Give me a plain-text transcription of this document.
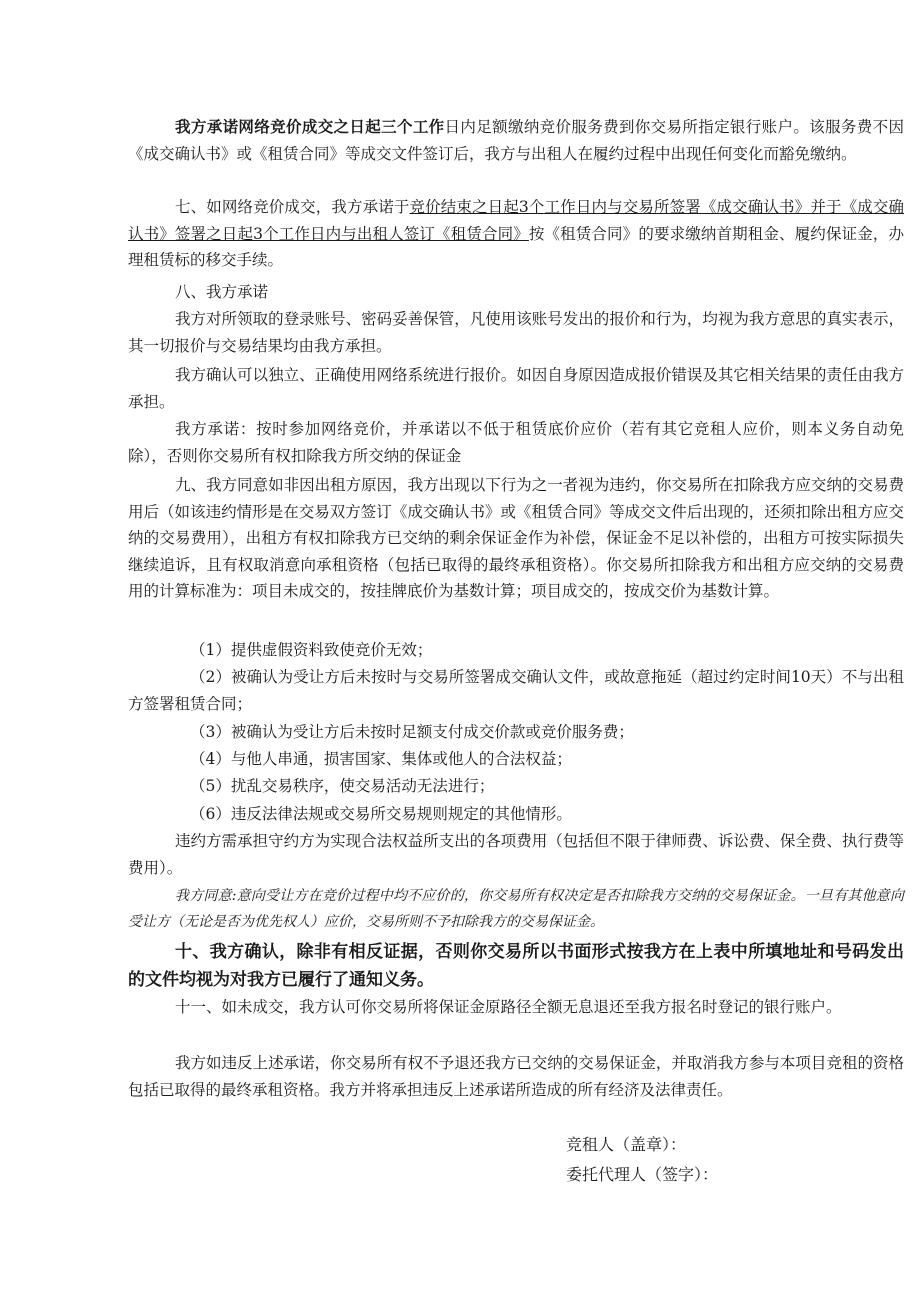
我方承诺网络竞价成交之日起三个工作日内足额缴纳竞价服务费到你交易所指定银行账户。该服务费不因《成交确认书》或《租赁合同》等成交文件签订后，我方与出租人在履约过程中出现任何变化而豁免缴纳。

七、如网络竞价成交，我方承诺于竞价结束之日起3个工作日内与交易所签署《成交确认书》并于《成交确认书》签署之日起3个工作日内与出租人签订《租赁合同》按《租赁合同》的要求缴纳首期租金、履约保证金，办理租赁标的移交手续。

八、我方承诺

我方对所领取的登录账号、密码妥善保管，凡使用该账号发出的报价和行为，均视为我方意思的真实表示，其一切报价与交易结果均由我方承担。

我方确认可以独立、正确使用网络系统进行报价。如因自身原因造成报价错误及其它相关结果的责任由我方承担。

我方承诺：按时参加网络竞价，并承诺以不低于租赁底价应价（若有其它竞租人应价，则本义务自动免除），否则你交易所有权扣除我方所交纳的保证金

九、我方同意如非因出租方原因，我方出现以下行为之一者视为违约，你交易所在扣除我方应交纳的交易费用后（如该违约情形是在交易双方签订《成交确认书》或《租赁合同》等成交文件后出现的，还须扣除出租方应交纳的交易费用），出租方有权扣除我方已交纳的剩余保证金作为补偿，保证金不足以补偿的，出租方可按实际损失继续追诉，且有权取消意向承租资格（包括已取得的最终承租资格）。你交易所扣除我方和出租方应交纳的交易费用的计算标准为：项目未成交的，按挂牌底价为基数计算；项目成交的，按成交价为基数计算。

（1）提供虚假资料致使竞价无效；

（2）被确认为受让方后未按时与交易所签署成交确认文件，或故意拖延（超过约定时间10天）不与出租方签署租赁合同；

（3）被确认为受让方后未按时足额支付成交价款或竞价服务费；

（4）与他人串通，损害国家、集体或他人的合法权益；

（5）扰乱交易秩序，使交易活动无法进行；

（6）违反法律法规或交易所交易规则规定的其他情形。

违约方需承担守约方为实现合法权益所支出的各项费用（包括但不限于律师费、诉讼费、保全费、执行费等费用）。

我方同意:意向受让方在竞价过程中均不应价的，你交易所有权决定是否扣除我方交纳的交易保证金。一旦有其他意向受让方（无论是否为优先权人）应价，交易所则不予扣除我方的交易保证金。

十、我方确认，除非有相反证据，否则你交易所以书面形式按我方在上表中所填地址和号码发出的文件均视为对我方已履行了通知义务。

十一、如未成交，我方认可你交易所将保证金原路径全额无息退还至我方报名时登记的银行账户。

我方如违反上述承诺，你交易所有权不予退还我方已交纳的交易保证金，并取消我方参与本项目竞租的资格包括已取得的最终承租资格。我方并将承担违反上述承诺所造成的所有经济及法律责任。

竞租人（盖章）：

委托代理人（签字）：
